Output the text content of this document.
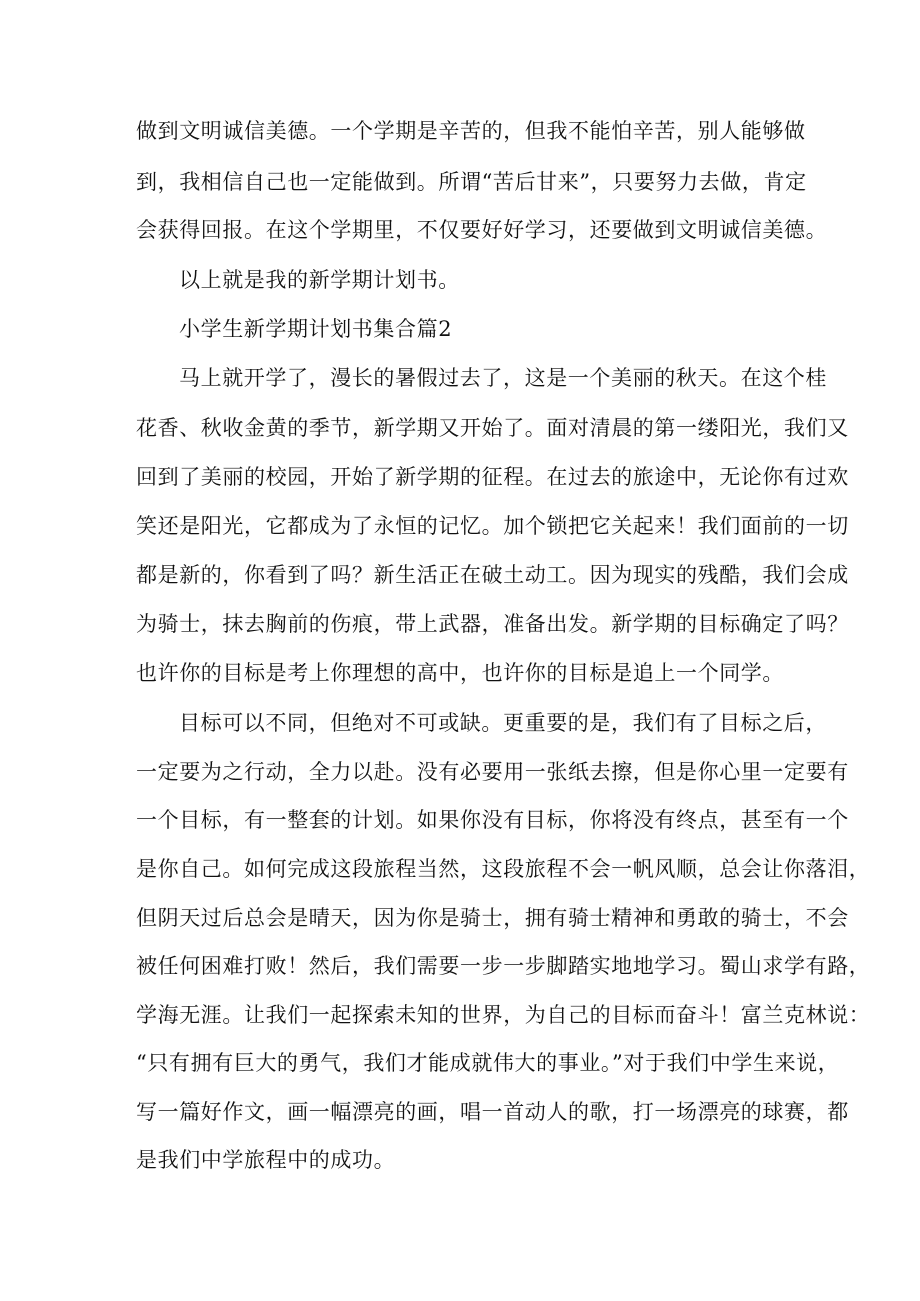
做到文明诚信美德。一个学期是辛苦的，但我不能怕辛苦，别人能够做
到，我相信自己也一定能做到。所谓“苦后甘来”，只要努力去做，肯定
会获得回报。在这个学期里，不仅要好好学习，还要做到文明诚信美德。
以上就是我的新学期计划书。
小学生新学期计划书集合篇2
马上就开学了，漫长的暑假过去了，这是一个美丽的秋天。在这个桂
花香、秋收金黄的季节，新学期又开始了。面对清晨的第一缕阳光，我们又
回到了美丽的校园，开始了新学期的征程。在过去的旅途中，无论你有过欢
笑还是阳光，它都成为了永恒的记忆。加个锁把它关起来！我们面前的一切
都是新的，你看到了吗？新生活正在破土动工。因为现实的残酷，我们会成
为骑士，抹去胸前的伤痕，带上武器，准备出发。新学期的目标确定了吗？
也许你的目标是考上你理想的高中，也许你的目标是追上一个同学。
目标可以不同，但绝对不可或缺。更重要的是，我们有了目标之后，
一定要为之行动，全力以赴。没有必要用一张纸去擦，但是你心里一定要有
一个目标，有一整套的计划。如果你没有目标，你将没有终点，甚至有一个
是你自己。如何完成这段旅程当然，这段旅程不会一帆风顺，总会让你落泪，
但阴天过后总会是晴天，因为你是骑士，拥有骑士精神和勇敢的骑士，不会
被任何困难打败！然后，我们需要一步一步脚踏实地地学习。蜀山求学有路，
学海无涯。让我们一起探索未知的世界，为自己的目标而奋斗！富兰克林说：
“只有拥有巨大的勇气，我们才能成就伟大的事业。”对于我们中学生来说，
写一篇好作文，画一幅漂亮的画，唱一首动人的歌，打一场漂亮的球赛，都
是我们中学旅程中的成功。
